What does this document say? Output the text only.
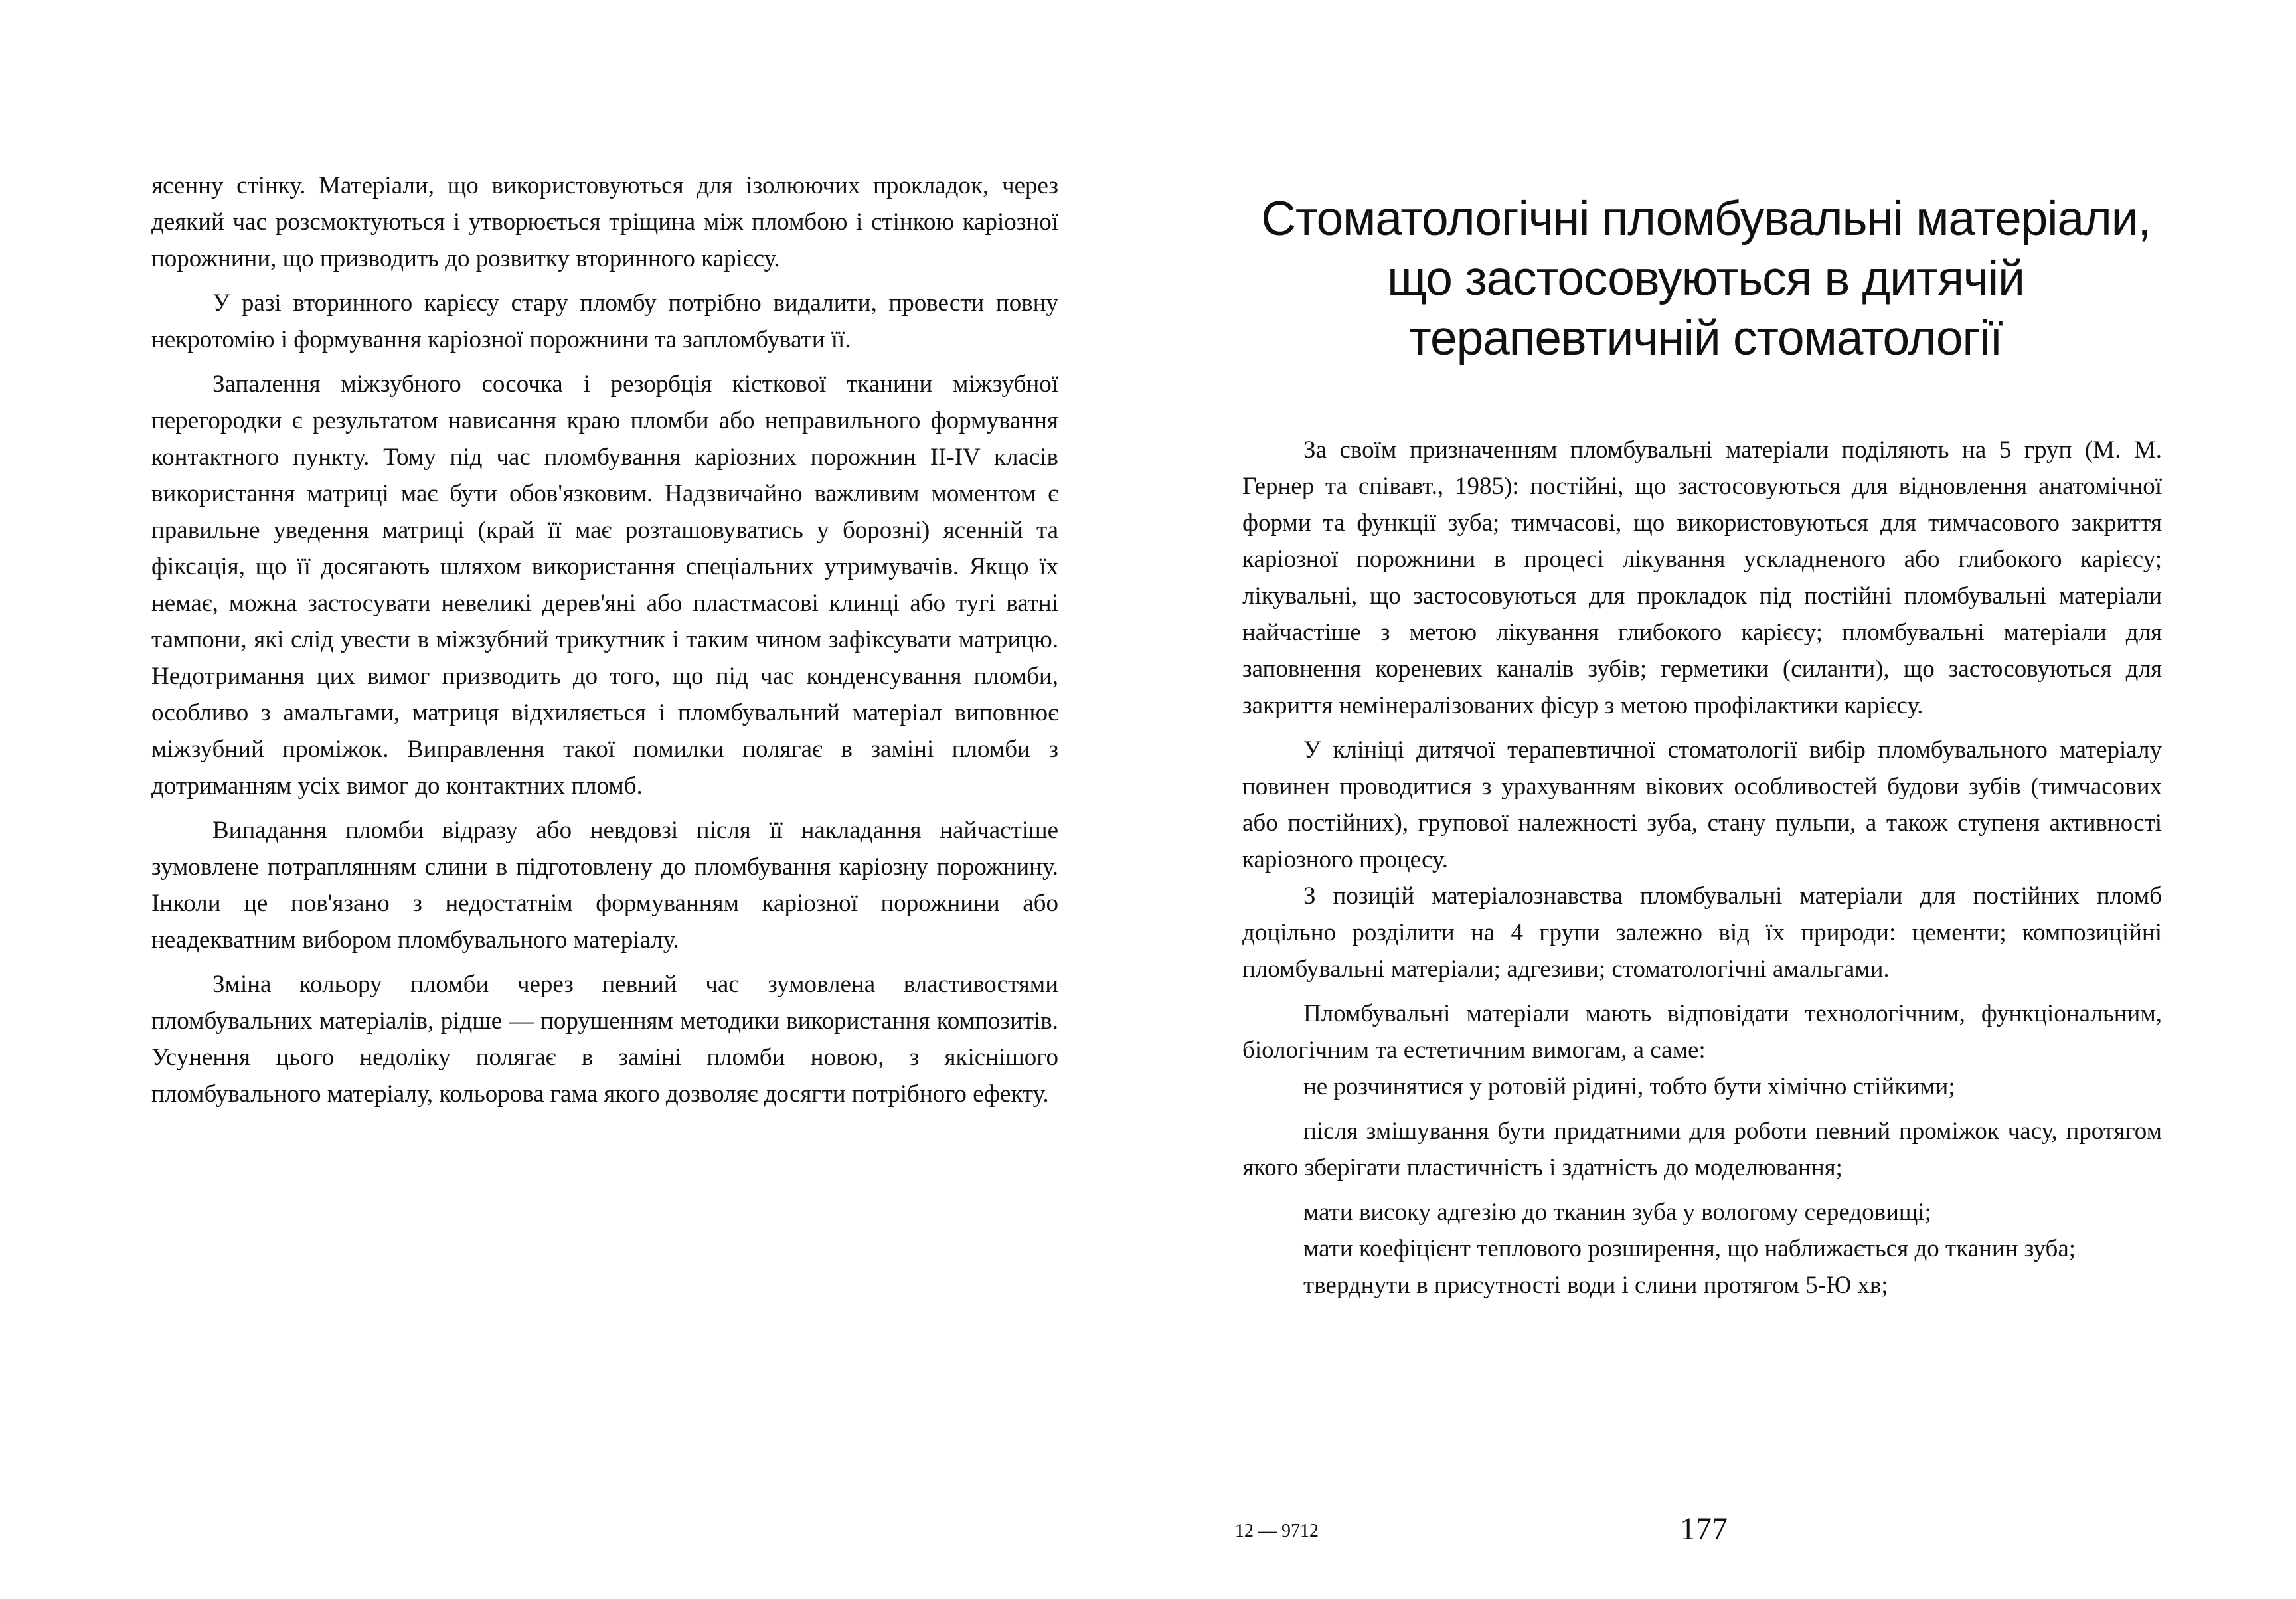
ясенну стінку. Матеріали, що використовуються для ізолюючих прокладок, через деякий час розсмоктуються і утворюється тріщина між пломбою і стінкою каріозної порожнини, що призводить до розвитку вторинного карієсу.

У разі вторинного карієсу стару пломбу потрібно видалити, провести повну некротомію і формування каріозної порожнини та запломбувати її.

Запалення міжзубного сосочка і резорбція кісткової тканини міжзубної перегородки є результатом нависання краю пломби або неправильного формування контактного пункту. Тому під час пломбування каріозних порожнин II-IV класів використання матриці має бути обов'язковим. Надзвичайно важливим моментом є правильне уведення матриці (край її має розташовуватись у борозні) ясенній та фіксація, що її досягають шляхом використання спеціальних утримувачів. Якщо їх немає, можна застосувати невеликі дерев'яні або пластмасові клинці або тугі ватні тампони, які слід увести в міжзубний трикутник і таким чином зафіксувати матрицю. Недотримання цих вимог призводить до того, що під час конденсування пломби, особливо з амальгами, матриця відхиляється і пломбувальний матеріал виповнює міжзубний проміжок. Виправлення такої помилки полягає в заміні пломби з дотриманням усіх вимог до контактних пломб.

Випадання пломби відразу або невдовзі після її накладання найчастіше зумовлене потраплянням слини в підготовлену до пломбування каріозну порожнину. Інколи це пов'язано з недостатнім формуванням каріозної порожнини або неадекватним вибором пломбувального матеріалу.

Зміна кольору пломби через певний час зумовлена властивостями пломбувальних матеріалів, рідше — порушенням методики використання композитів. Усунення цього недоліку полягає в заміні пломби новою, з якіснішого пломбувального матеріалу, кольорова гама якого дозволяє досягти потрібного ефекту.

Стоматологічні пломбувальні матеріали, що застосовуються в дитячій терапевтичній стоматології

За своїм призначенням пломбувальні матеріали поділяють на 5 груп (М. М. Гернер та співавт., 1985): постійні, що застосовуються для відновлення анатомічної форми та функції зуба; тимчасові, що використовуються для тимчасового закриття каріозної порожнини в процесі лікування ускладненого або глибокого карієсу; лікувальні, що застосовуються для прокладок під постійні пломбувальні матеріали найчастіше з метою лікування глибокого карієсу; пломбувальні матеріали для заповнення кореневих каналів зубів; герметики (силанти), що застосовуються для закриття немінералізованих фісур з метою профілактики карієсу.

У клініці дитячої терапевтичної стоматології вибір пломбувального матеріалу повинен проводитися з урахуванням вікових особливостей будови зубів (тимчасових або постійних), групової належності зуба, стану пульпи, а також ступеня активності каріозного процесу.

З позицій матеріалознавства пломбувальні матеріали для постійних пломб доцільно розділити на 4 групи залежно від їх природи: цементи; композиційні пломбувальні матеріали; адгезиви; стоматологічні амальгами.

Пломбувальні матеріали мають відповідати технологічним, функціональним, біологічним та естетичним вимогам, а саме:

не розчинятися у ротовій рідині, тобто бути хімічно стійкими;

після змішування бути придатними для роботи певний проміжок часу, протягом якого зберігати пластичність і здатність до моделювання;

мати високу адгезію до тканин зуба у вологому середовищі;

мати коефіцієнт теплового розширення, що наближається до тканин зуба;

тверднути в присутності води і слини протягом 5-Ю хв;

12 — 9712	177
